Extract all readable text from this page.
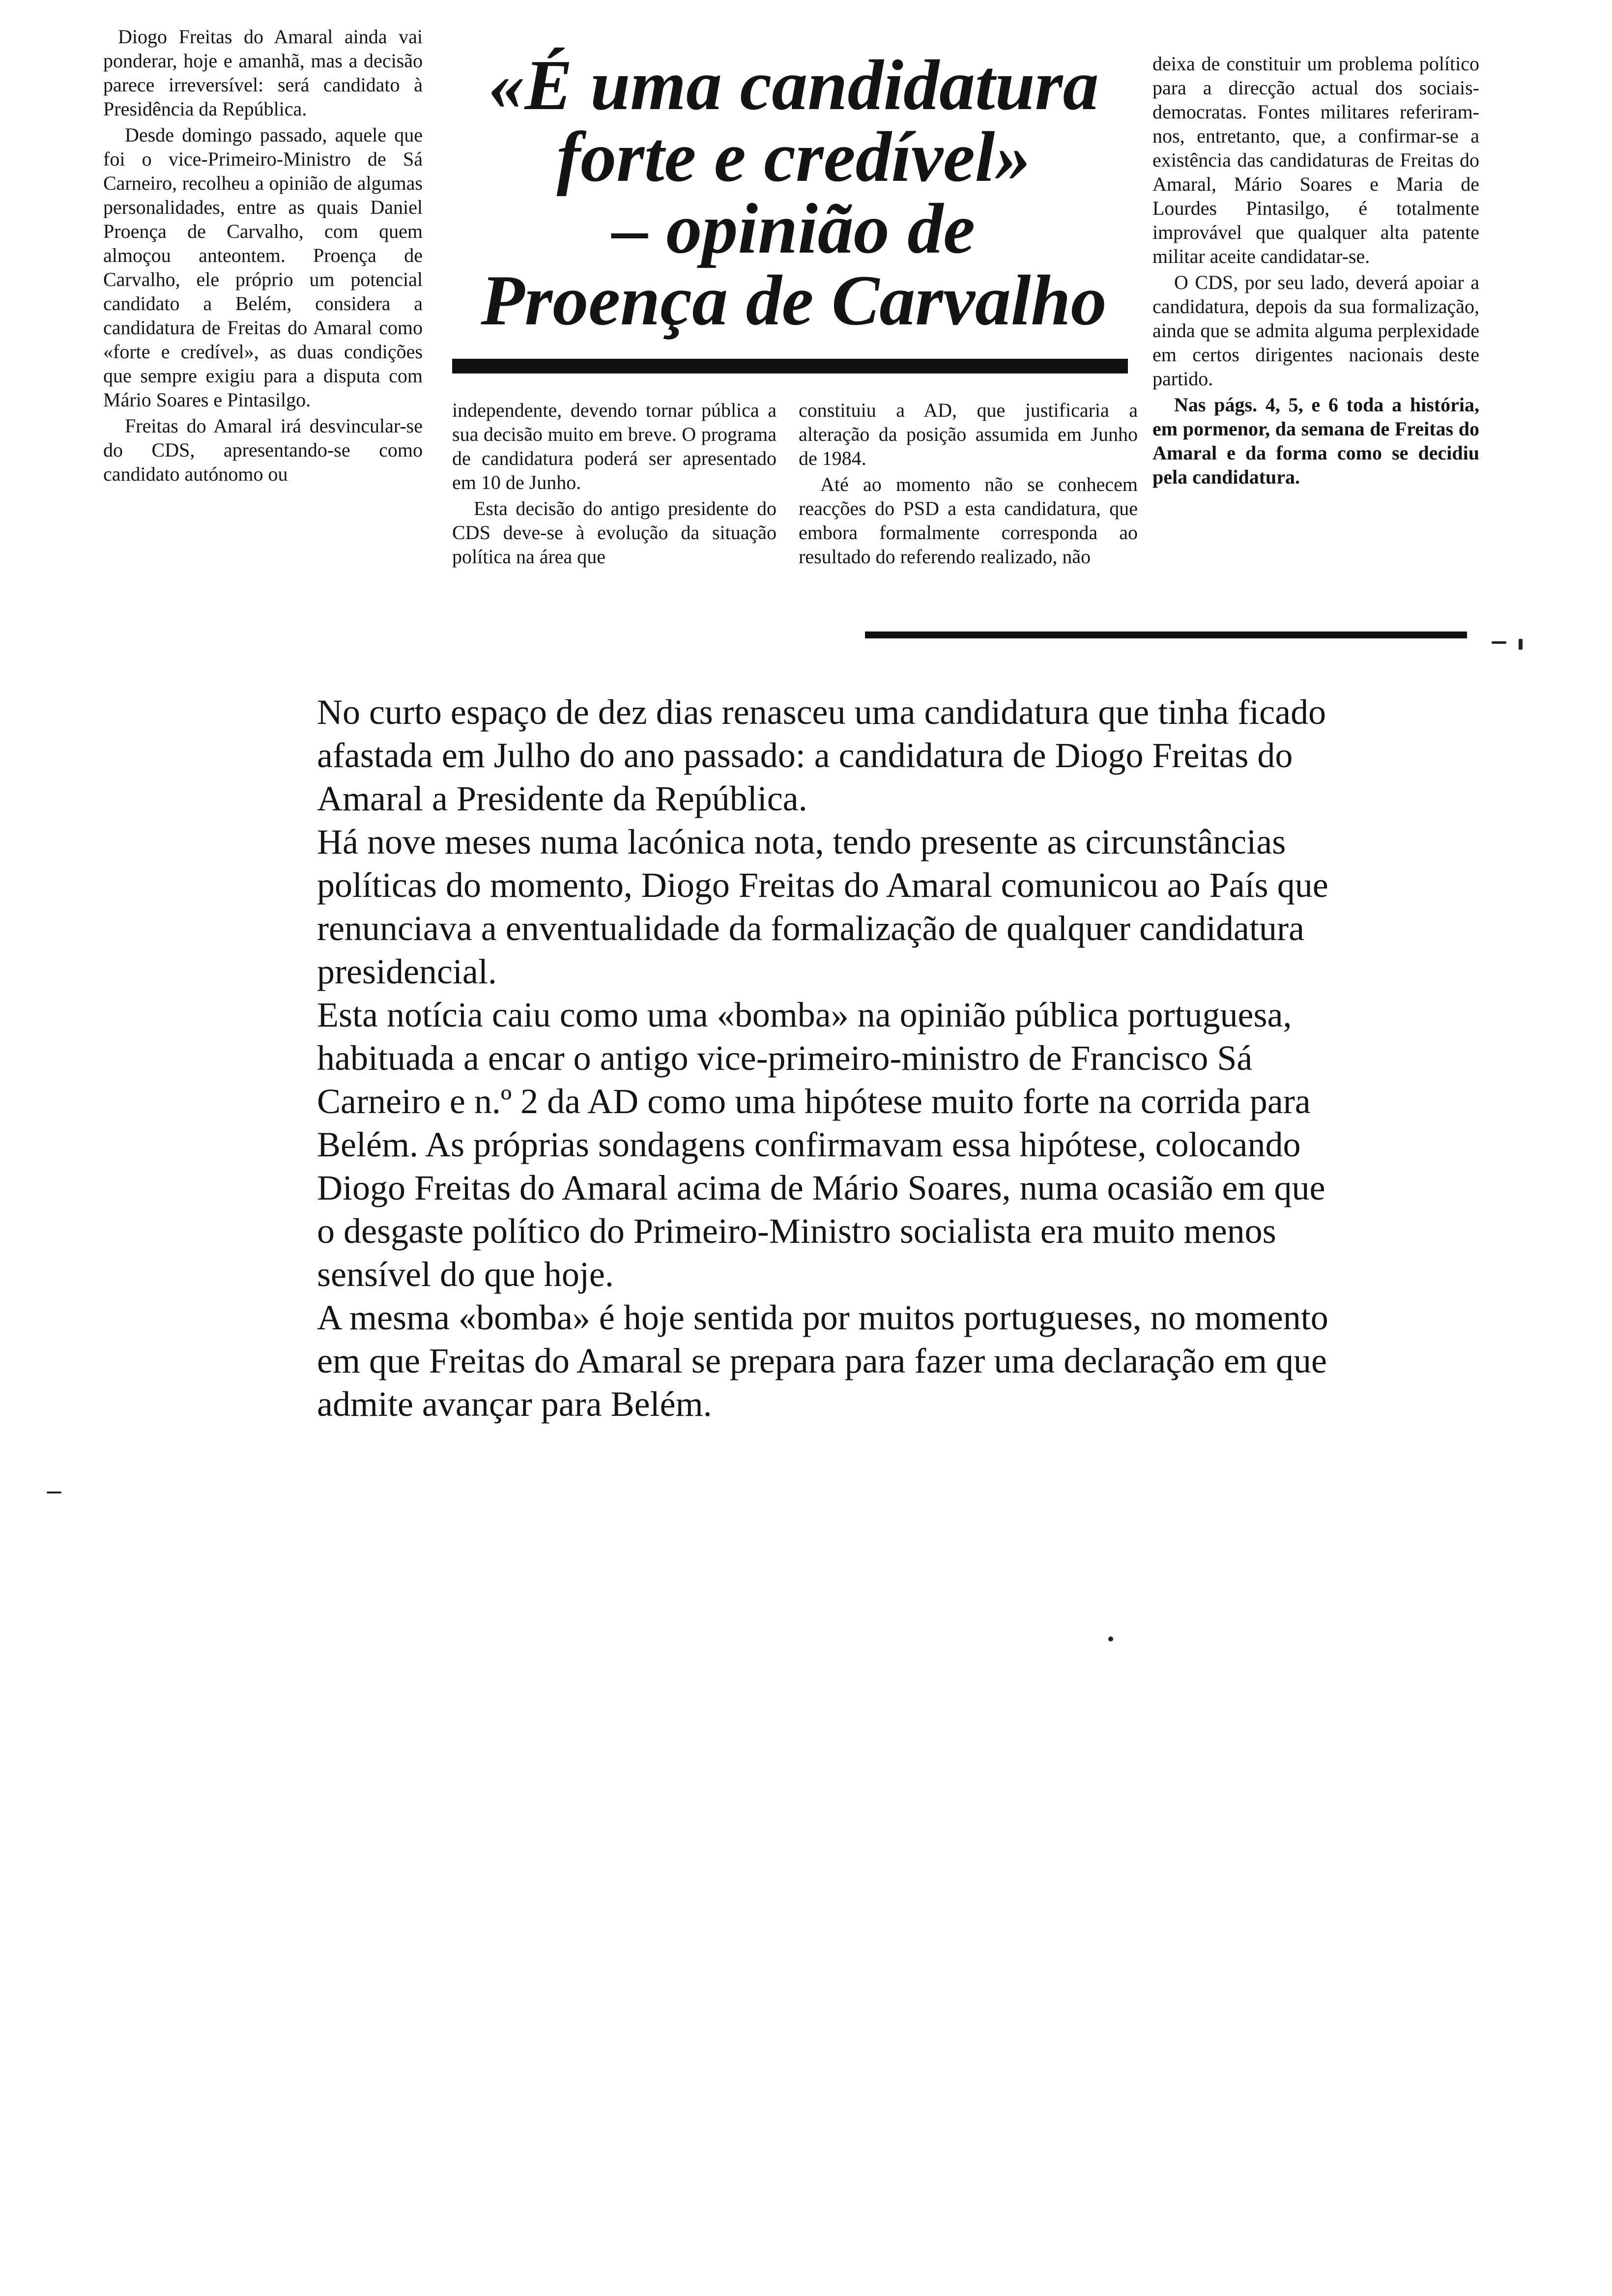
Diogo Freitas do Amaral ainda vai ponderar, hoje e amanhã, mas a decisão parece irreversível: será candidato à Presidência da República.

Desde domingo passado, aquele que foi o vice-Primeiro-Ministro de Sá Carneiro, recolheu a opinião de algumas personalidades, entre as quais Daniel Proença de Carvalho, com quem almoçou anteontem. Proença de Carvalho, ele próprio um potencial candidato a Belém, considera a candidatura de Freitas do Amaral como «forte e credível», as duas condições que sempre exigiu para a disputa com Mário Soares e Pintasilgo.

Freitas do Amaral irá desvincular-se do CDS, apresentando-se como candidato autónomo ou

«É uma candidatura
forte e credível»
– opinião de
Proença de Carvalho

independente, devendo tornar pública a sua decisão muito em breve. O programa de candidatura poderá ser apresentado em 10 de Junho.

Esta decisão do antigo presidente do CDS deve-se à evolução da situação política na área que

constituiu a AD, que justificaria a alteração da posição assumida em Junho de 1984.

Até ao momento não se conhecem reacções do PSD a esta candidatura, que embora formalmente corresponda ao resultado do referendo realizado, não

deixa de constituir um problema político para a direcção actual dos sociais-democratas. Fontes militares referiram-nos, entretanto, que, a confirmar-se a existência das candidaturas de Freitas do Amaral, Mário Soares e Maria de Lourdes Pintasilgo, é totalmente improvável que qualquer alta patente militar aceite candidatar-se.

O CDS, por seu lado, deverá apoiar a candidatura, depois da sua formalização, ainda que se admita alguma perplexidade em certos dirigentes nacionais deste partido.

Nas págs. 4, 5, e 6 toda a história, em pormenor, da semana de Freitas do Amaral e da forma como se decidiu pela candidatura.

No curto espaço de dez dias renasceu uma candidatura que tinha ficado afastada em Julho do ano passado: a candidatura de Diogo Freitas do Amaral a Presidente da República.

Há nove meses numa lacónica nota, tendo presente as circunstâncias políticas do momento, Diogo Freitas do Amaral comunicou ao País que renunciava a enventualidade da formalização de qualquer candidatura presidencial.

Esta notícia caiu como uma «bomba» na opinião pública portuguesa, habituada a encar o antigo vice-primeiro-ministro de Francisco Sá Carneiro e n.º 2 da AD como uma hipótese muito forte na corrida para Belém. As próprias sondagens confirmavam essa hipótese, colocando Diogo Freitas do Amaral acima de Mário Soares, numa ocasião em que o desgaste político do Primeiro-Ministro socialista era muito menos sensível do que hoje.

A mesma «bomba» é hoje sentida por muitos portugueses, no momento em que Freitas do Amaral se prepara para fazer uma declaração em que admite avançar para Belém.
